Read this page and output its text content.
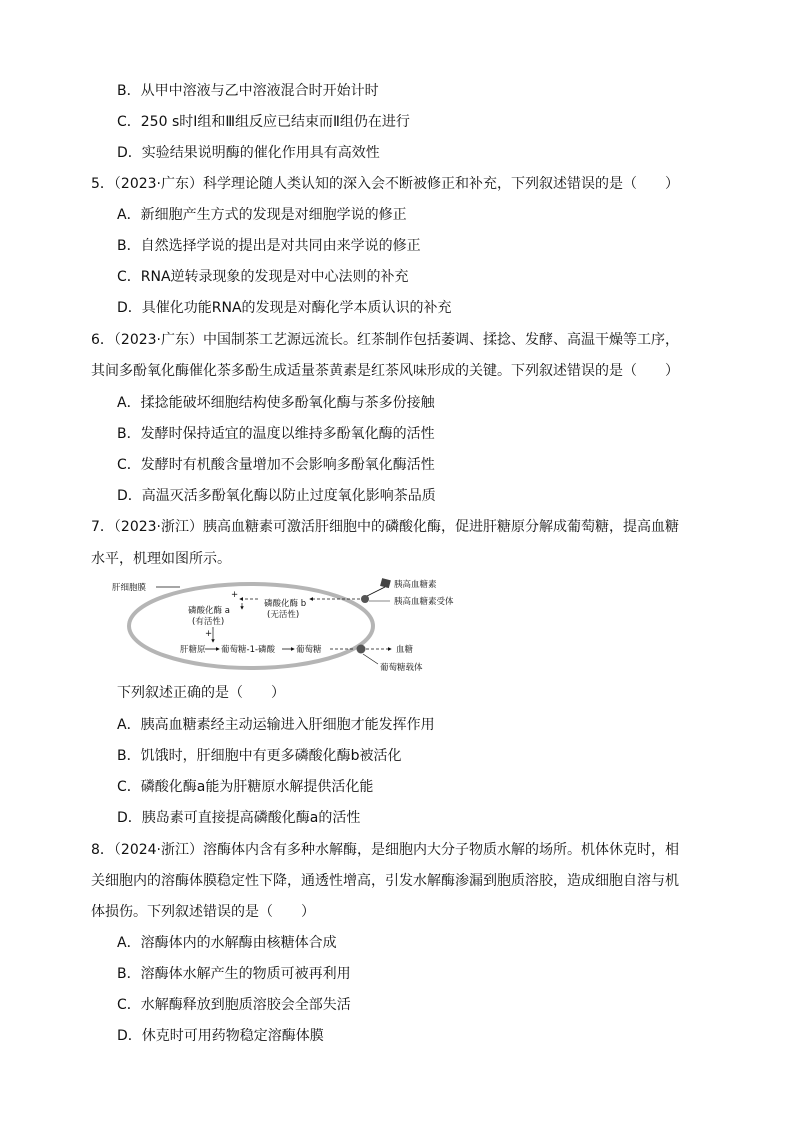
B．从甲中溶液与乙中溶液混合时开始计时
C．250 s时Ⅰ组和Ⅲ组反应已结束而Ⅱ组仍在进行
D．实验结果说明酶的催化作用具有高效性
5．（2023·广东）科学理论随人类认知的深入会不断被修正和补充，下列叙述错误的是（　　）
A．新细胞产生方式的发现是对细胞学说的修正
B．自然选择学说的提出是对共同由来学说的修正
C．RNA逆转录现象的发现是对中心法则的补充
D．具催化功能RNA的发现是对酶化学本质认识的补充
6．（2023·广东）中国制茶工艺源远流长。红茶制作包括萎调、揉捻、发酵、高温干燥等工序，
其间多酚氧化酶催化茶多酚生成适量茶黄素是红茶风味形成的关键。下列叙述错误的是（　　）
A．揉捻能破坏细胞结构使多酚氧化酶与茶多份接触
B．发酵时保持适宜的温度以维持多酚氧化酶的活性
C．发酵时有机酸含量增加不会影响多酚氧化酶活性
D．高温灭活多酚氧化酶以防止过度氧化影响茶品质
7．（2023·浙江）胰高血糖素可激活肝细胞中的磷酸化酶，促进肝糖原分解成葡萄糖，提高血糖
水平，机理如图所示。
肝细胞膜	胰高血糖素
胰高血糖素受体
+
磷酸化酶 a
(有活性)
磷酸化酶 b
(无活性)
+
肝糖原 葡萄糖-1-磷酸 葡萄糖	血糖
葡萄糖载体
下列叙述正确的是（　　）
A．胰高血糖素经主动运输进入肝细胞才能发挥作用
B．饥饿时，肝细胞中有更多磷酸化酶b被活化
C．磷酸化酶a能为肝糖原水解提供活化能
D．胰岛素可直接提高磷酸化酶a的活性
8．（2024·浙江）溶酶体内含有多种水解酶，是细胞内大分子物质水解的场所。机体休克时，相
关细胞内的溶酶体膜稳定性下降，通透性增高，引发水解酶渗漏到胞质溶胶，造成细胞自溶与机
体损伤。下列叙述错误的是（　　）
A．溶酶体内的水解酶由核糖体合成
B．溶酶体水解产生的物质可被再利用
C．水解酶释放到胞质溶胶会全部失活
D．休克时可用药物稳定溶酶体膜
